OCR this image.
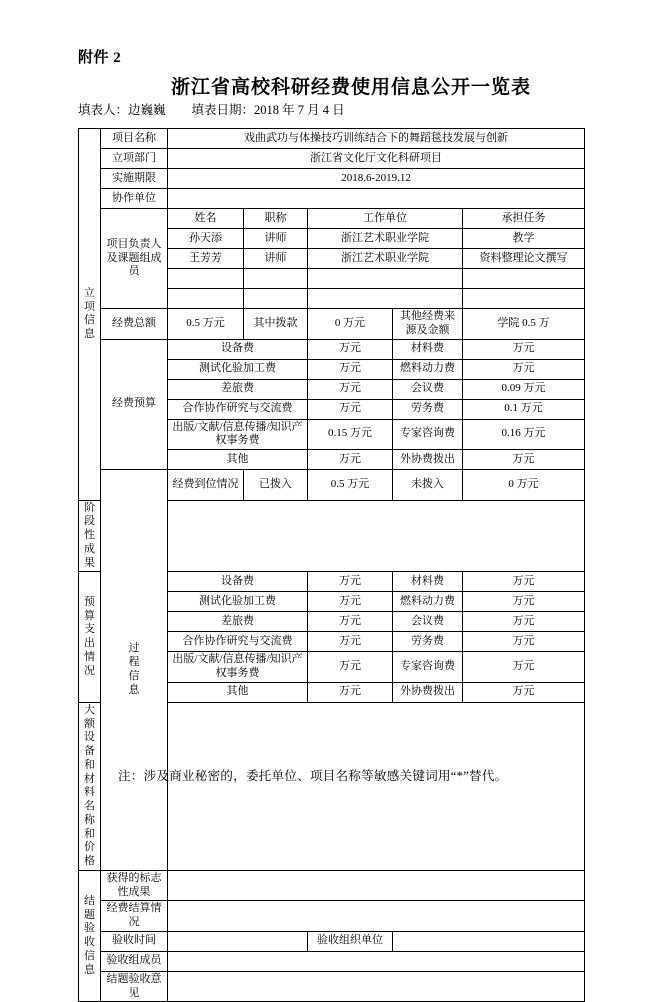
附件 2
浙江省高校科研经费使用信息公开一览表
填表人：边巍巍 填表日期：2018 年 7 月 4 日
立
项
信
息
	项目名称	戏曲武功与体操技巧训练结合下的舞蹈毯技发展与创新
立项部门	浙江省文化厅文化科研项目
实施期限	2018.6-2019.12
协作单位	
项目负责人及课题组成员	姓名	职称	工作单位	承担任务
孙天添	讲师	浙江艺术职业学院	教学
王芳芳	讲师	浙江艺术职业学院	资料整理论文撰写

经费总额	0.5 万元	其中拨款	0 万元	其他经费来源及金额	学院 0.5 万
经费预算	设备费	万元	材料费	万元
测试化验加工费	万元	燃料动力费	万元
差旅费	万元	会议费	0.09 万元
合作协作研究与交流费	万元	劳务费	0.1 万元
出版/文献/信息传播/知识产权事务费	0.15 万元	专家咨询费	0.16 万元
其他	万元	外协费拨出	万元

过
程
信
息
	经费到位情况	已拨入	0.5 万元	未拨入	0 万元	

阶段性成果	
预算支出情况	设备费	万元	材料费	万元
测试化验加工费	万元	燃料动力费	万元
差旅费	万元	会议费	万元
合作协作研究与交流费	万元	劳务费	万元
出版/文献/信息传播/知识产权事务费	万元	专家咨询费	万元
其他	万元	外协费拨出	万元
大额设备和材料名称和价格	

结
题
验
收
信
息
	获得的标志性成果	
经费结算情况	
验收时间		验收组织单位	
验收组成员	
结题验收意见	
注：涉及商业秘密的，委托单位、项目名称等敏感关键词用“*”替代。
